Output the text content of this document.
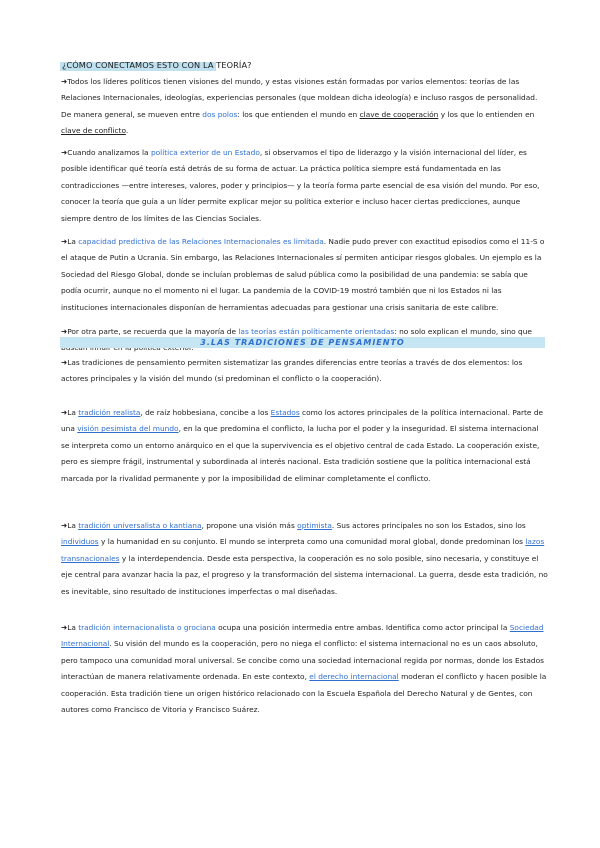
¿CÓMO CONECTAMOS ESTO CON LA TEORÍA?
➜Todos los líderes políticos tienen visiones del mundo, y estas visiones están formadas por varios elementos: teorías de las Relaciones Internacionales, ideologías, experiencias personales (que moldean dicha ideología) e incluso rasgos de personalidad. De manera general, se mueven entre dos polos: los que entienden el mundo en clave de cooperación y los que lo entienden en clave de conflicto.
➜Cuando analizamos la política exterior de un Estado, si observamos el tipo de liderazgo y la visión internacional del líder, es posible identificar qué teoría está detrás de su forma de actuar. La práctica política siempre está fundamentada en las contradicciones —entre intereses, valores, poder y principios— y la teoría forma parte esencial de esa visión del mundo. Por eso, conocer la teoría que guía a un líder permite explicar mejor su política exterior e incluso hacer ciertas predicciones, aunque siempre dentro de los límites de las Ciencias Sociales.
➜La capacidad predictiva de las Relaciones Internacionales es limitada. Nadie pudo prever con exactitud episodios como el 11-S o el ataque de Putin a Ucrania. Sin embargo, las Relaciones Internacionales sí permiten anticipar riesgos globales. Un ejemplo es la Sociedad del Riesgo Global, donde se incluían problemas de salud pública como la posibilidad de una pandemia: se sabía que podía ocurrir, aunque no el momento ni el lugar. La pandemia de la COVID-19 mostró también que ni los Estados ni las instituciones internacionales disponían de herramientas adecuadas para gestionar una crisis sanitaria de este calibre.
➜Por otra parte, se recuerda que la mayoría de las teorías están políticamente orientadas: no solo explican el mundo, sino que
3.LAS TRADICIONES DE PENSAMIENTO
➜Las tradiciones de pensamiento permiten sistematizar las grandes diferencias entre teorías a través de dos elementos: los actores principales y la visión del mundo (si predominan el conflicto o la cooperación).
➜La tradición realista, de raíz hobbesiana, concibe a los Estados como los actores principales de la política internacional. Parte de una visión pesimista del mundo, en la que predomina el conflicto, la lucha por el poder y la inseguridad. El sistema internacional se interpreta como un entorno anárquico en el que la supervivencia es el objetivo central de cada Estado. La cooperación existe, pero es siempre frágil, instrumental y subordinada al interés nacional. Esta tradición sostiene que la política internacional está marcada por la rivalidad permanente y por la imposibilidad de eliminar completamente el conflicto.
➜La tradición universalista o kantiana, propone una visión más optimista. Sus actores principales no son los Estados, sino los individuos y la humanidad en su conjunto. El mundo se interpreta como una comunidad moral global, donde predominan los lazos transnacionales y la interdependencia. Desde esta perspectiva, la cooperación es no solo posible, sino necesaria, y constituye el eje central para avanzar hacia la paz, el progreso y la transformación del sistema internacional. La guerra, desde esta tradición, no es inevitable, sino resultado de instituciones imperfectas o mal diseñadas.
➜La tradición internacionalista o grociana ocupa una posición intermedia entre ambas. Identifica como actor principal la Sociedad Internacional. Su visión del mundo es la cooperación, pero no niega el conflicto: el sistema internacional no es un caos absoluto, pero tampoco una comunidad moral universal. Se concibe como una sociedad internacional regida por normas, donde los Estados interactúan de manera relativamente ordenada. En este contexto, el derecho internacional moderan el conflicto y hacen posible la cooperación. Esta tradición tiene un origen histórico relacionado con la Escuela Española del Derecho Natural y de Gentes, con autores como Francisco de Vitoria y Francisco Suárez.
